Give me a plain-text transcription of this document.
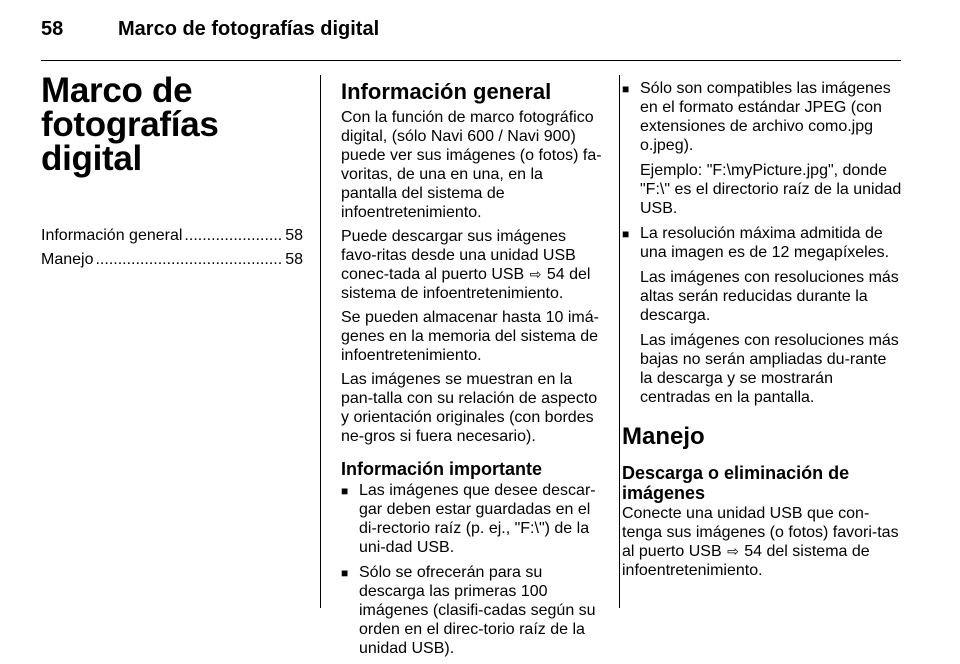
58	Marco de fotografías digital
Marco de fotografías digital
Información general .....	58
Manejo .....	58
Información general

Con la función de marco fotográfico digital, (sólo Navi 600 / Navi 900) puede ver sus imágenes (o fotos) fa-voritas, de una en una, en la pantalla del sistema de infoentretenimiento.

Puede descargar sus imágenes favo-ritas desde una unidad USB conec-tada al puerto USB ⇨ 54 del sistema de infoentretenimiento.

Se pueden almacenar hasta 10 imá-genes en la memoria del sistema de infoentretenimiento.

Las imágenes se muestran en la pan-talla con su relación de aspecto y orientación originales (con bordes ne-gros si fuera necesario).

Información importante
■ Las imágenes que desee descar-gar deben estar guardadas en el di-rectorio raíz (p. ej., "F:\") de la uni-dad USB.
■ Sólo se ofrecerán para su descarga las primeras 100 imágenes (clasifi-cadas según su orden en el direc-torio raíz de la unidad USB).
■ Sólo son compatibles las imágenes en el formato estándar JPEG (con extensiones de archivo como.jpg o.jpeg).

Ejemplo: "F:\myPicture.jpg", donde "F:\" es el directorio raíz de la unidad USB.

■ La resolución máxima admitida de una imagen es de 12 megapíxeles.

Las imágenes con resoluciones más altas serán reducidas durante la descarga.

Las imágenes con resoluciones más bajas no serán ampliadas du-rante la descarga y se mostrarán centradas en la pantalla.

Manejo
Descarga o eliminación de imágenes

Conecte una unidad USB que con-tenga sus imágenes (o fotos) favori-tas al puerto USB ⇨ 54 del sistema de infoentretenimiento.
